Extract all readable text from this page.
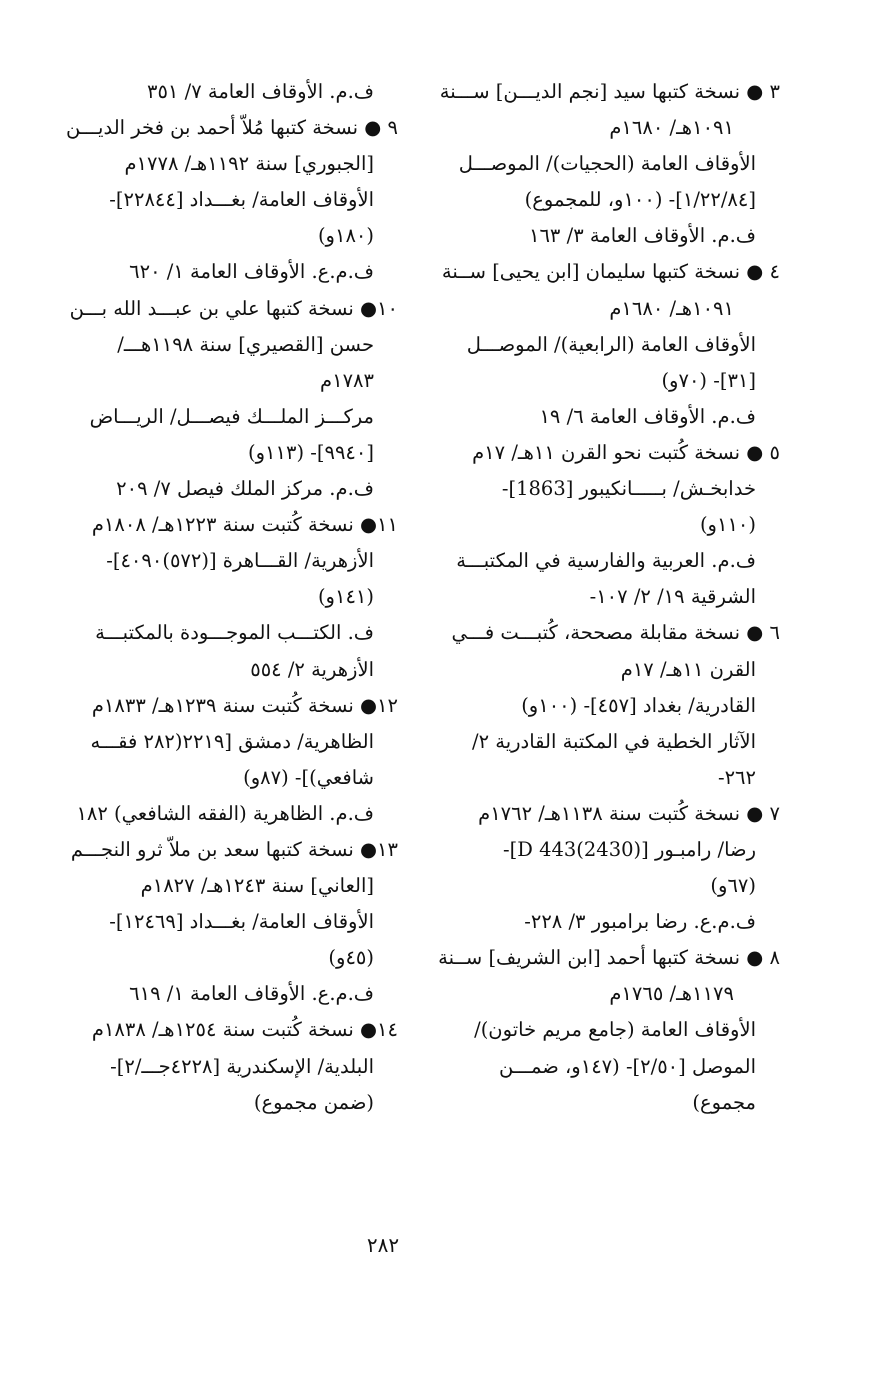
٣ ● نسخة كتبها سيد [نجم الديـــن] ســـنة
١٠٩١هـ/ ١٦٨٠م
الأوقاف العامة (الحجيات)/ الموصـــل
[١/٢٢/٨٤]- (١٠٠و، للمجموع)
ف.م. الأوقاف العامة ٣/ ١٦٣
٤ ● نسخة كتبها سليمان [ابن يحيى] ســنة
١٠٩١هـ/ ١٦٨٠م
الأوقاف العامة (الرابعية)/ الموصـــل
[٣١]- (٧٠و)
ف.م. الأوقاف العامة ٦/ ١٩
٥ ● نسخة كُتبت نحو القرن ١١هـ/ ١٧م
خدابخـش/ بـــــانكيبور [1863]-
(١١٠و)
ف.م. العربية والفارسية في المكتبـــة
الشرقية ١٩/ ٢/ ١٠٧-
٦ ● نسخة مقابلة مصححة، كُتبـــت فـــي
القرن ١١هـ/ ١٧م
القادرية/ بغداد [٤٥٧]- (١٠٠و)
الآثار الخطية في المكتبة القادرية ٢/
٢٦٢-
٧ ● نسخة كُتبت سنة ١١٣٨هـ/ ١٧٦٢م
رضا/ رامبـور [D 443(2430)]-
(٦٧و)
ف.م.ع. رضا برامبور ٣/ ٢٢٨-
٨ ● نسخة كتبها أحمد [ابن الشريف] ســنة
١١٧٩هـ/ ١٧٦٥م
الأوقاف العامة (جامع مريم خاتون)/
الموصل [٢/٥٠]- (١٤٧و، ضمـــن
مجموع)
ف.م. الأوقاف العامة ٧/ ٣٥١
٩ ● نسخة كتبها مُلاّ أحمد بن فخر الديـــن
[الجبوري] سنة ١١٩٢هـ/ ١٧٧٨م
الأوقاف العامة/ بغـــداد [٢٢٨٤٤]-
(١٨٠و)
ف.م.ع. الأوقاف العامة ١/ ٦٢٠
١٠● نسخة كتبها علي بن عبـــد الله بـــن
حسن [القصيري] سنة ١١٩٨هـــ/
١٧٨٣م
مركـــز الملـــك فيصـــل/ الريـــاض
[٩٩٤٠]- (١١٣و)
ف.م. مركز الملك فيصل ٧/ ٢٠٩
١١● نسخة كُتبت سنة ١٢٢٣هـ/ ١٨٠٨م
الأزهرية/ القـــاهرة [(٥٧٢)٤٠٩٠]-
(١٤١و)
ف. الكتـــب الموجـــودة بالمكتبـــة
الأزهرية ٢/ ٥٥٤
١٢● نسخة كُتبت سنة ١٢٣٩هـ/ ١٨٣٣م
الظاهرية/ دمشق [٢٢١٩(٢٨٢ فقـــه
شافعي)]- (٨٧و)
ف.م. الظاهرية (الفقه الشافعي) ١٨٢
١٣● نسخة كتبها سعد بن ملاّ ثرو النجـــم
[العاني] سنة ١٢٤٣هـ/ ١٨٢٧م
الأوقاف العامة/ بغـــداد [١٢٤٦٩]-
(٤٥و)
ف.م.ع. الأوقاف العامة ١/ ٦١٩
١٤● نسخة كُتبت سنة ١٢٥٤هـ/ ١٨٣٨م
البلدية/ الإسكندرية [٤٢٢٨جـــ/٢]-
(ضمن مجموع)
٢٨٢
